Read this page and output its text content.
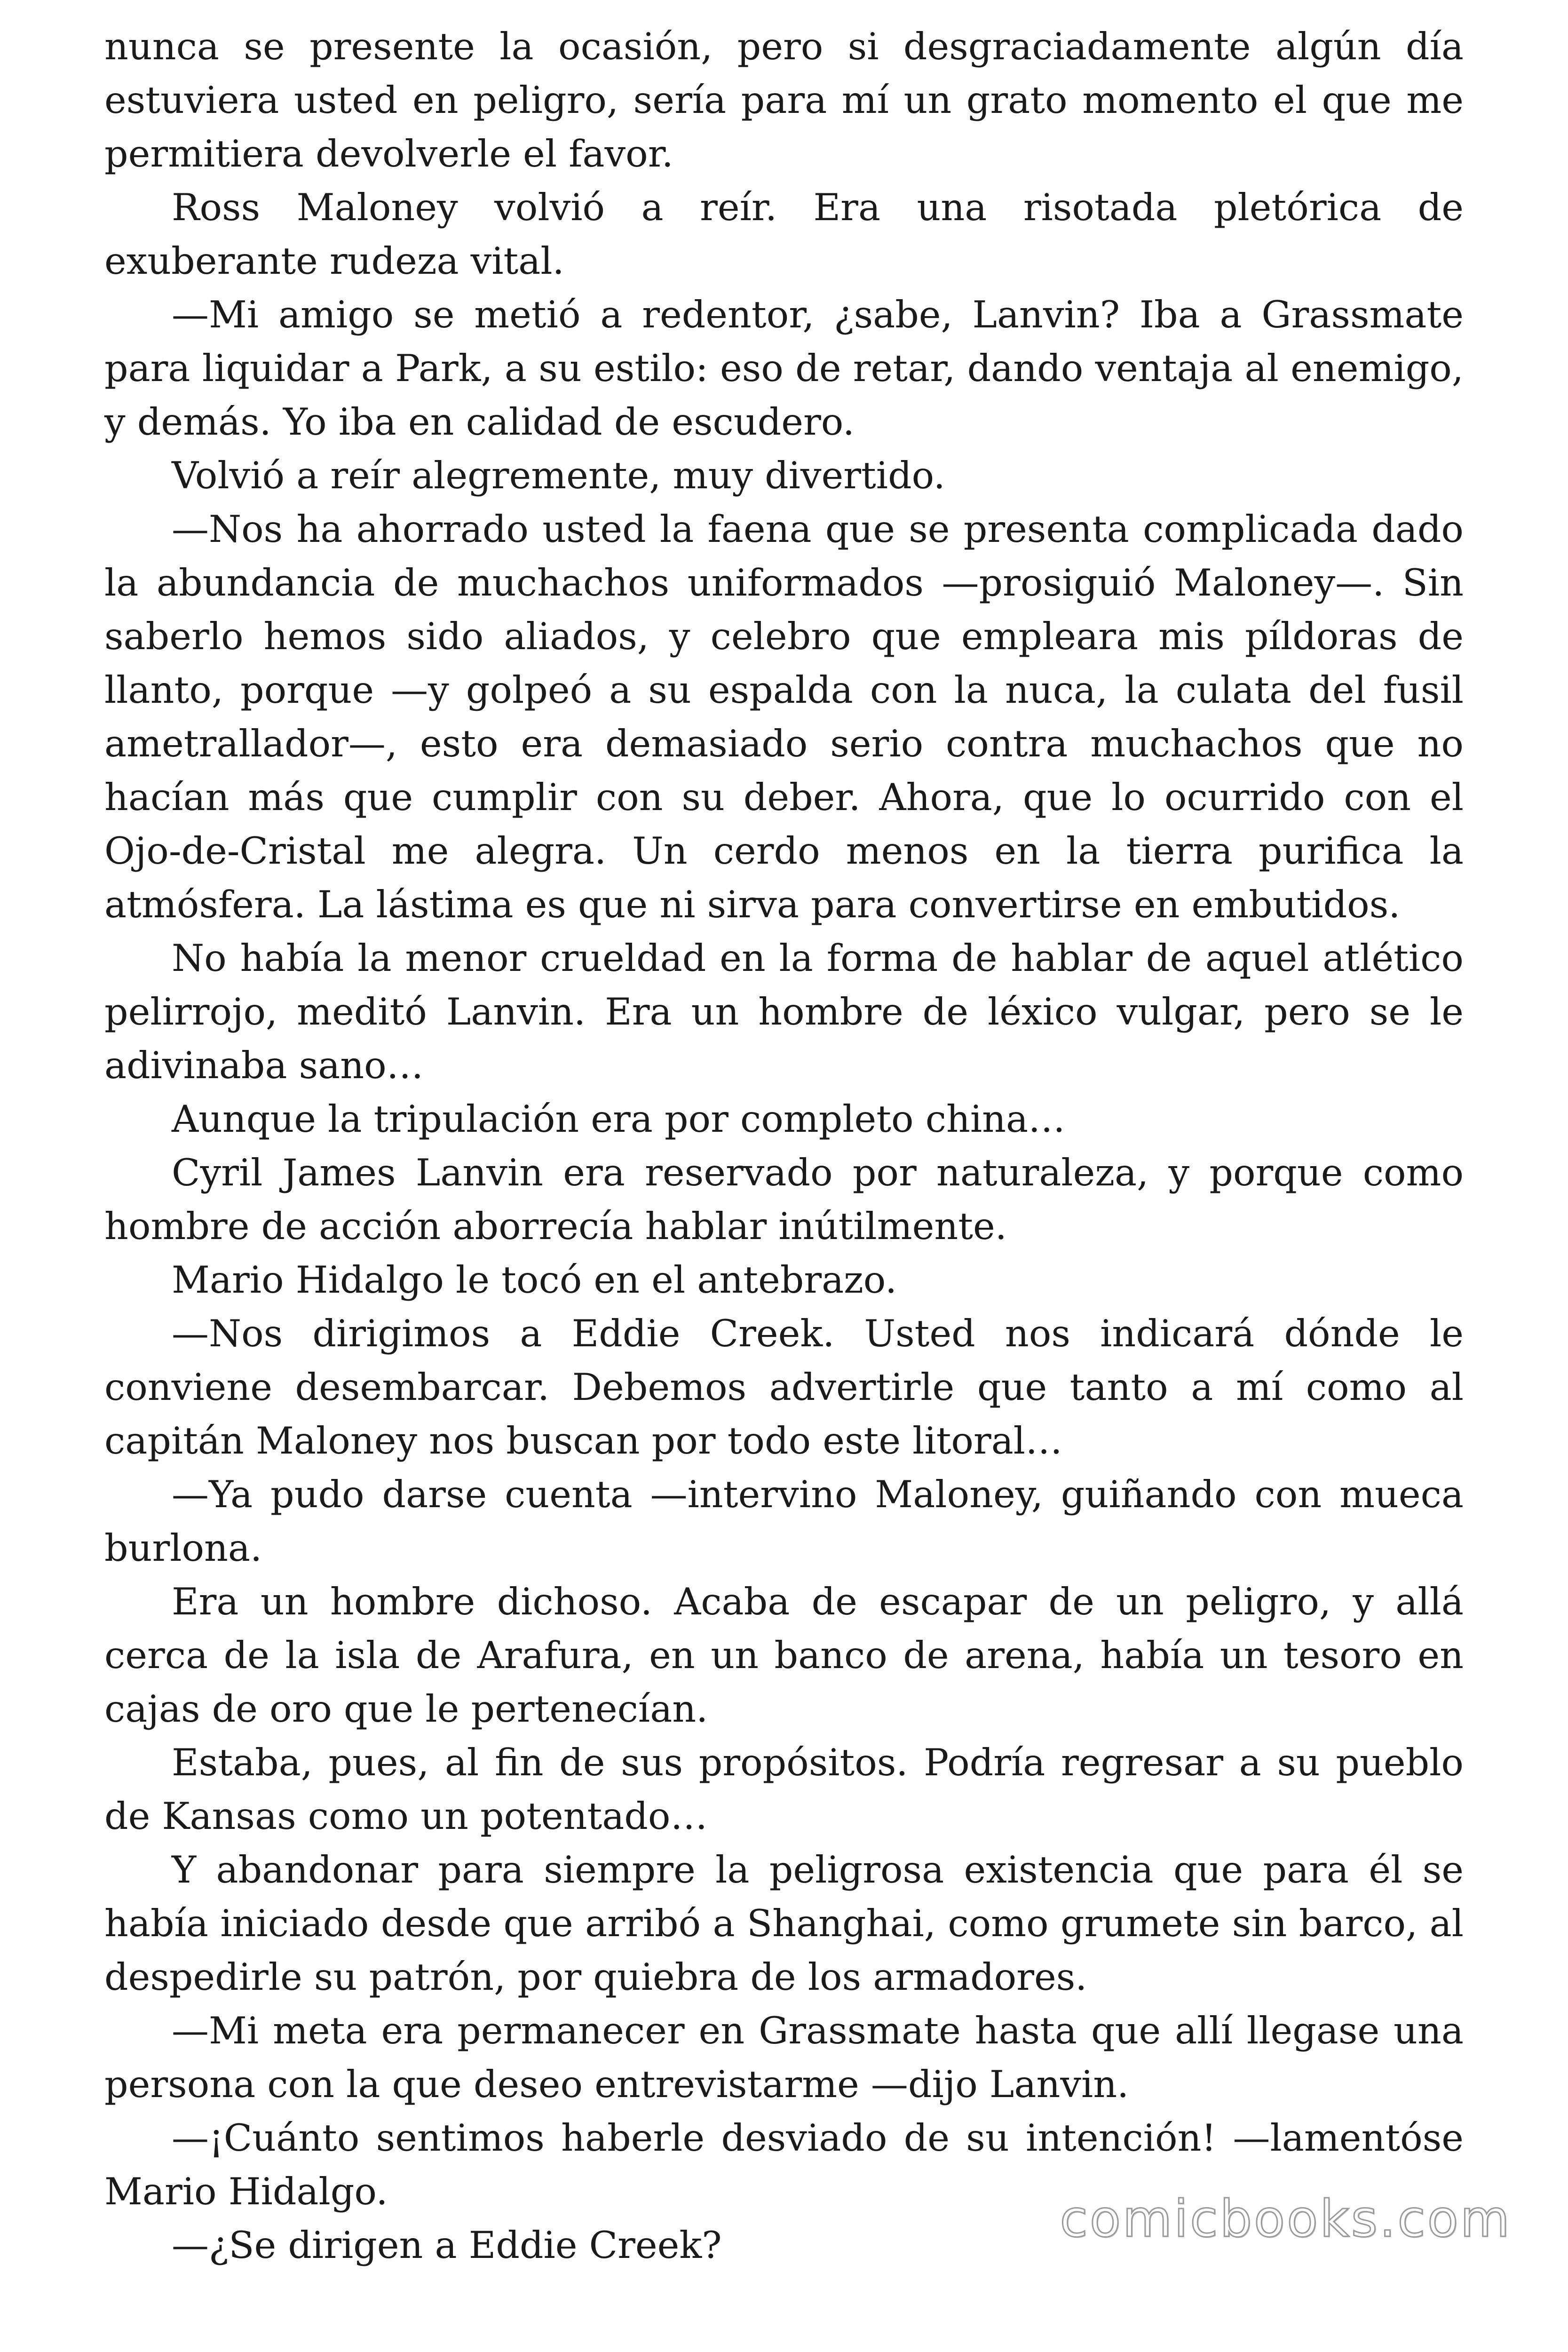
nunca se presente la ocasión, pero si desgraciadamente algún día estuviera usted en peligro, sería para mí un grato momento el que me permitiera devolverle el favor.

Ross Maloney volvió a reír. Era una risotada pletórica de exuberante rudeza vital.

—Mi amigo se metió a redentor, ¿sabe, Lanvin? Iba a Grassmate para liquidar a Park, a su estilo: eso de retar, dando ventaja al enemigo, y demás. Yo iba en calidad de escudero.

Volvió a reír alegremente, muy divertido.

—Nos ha ahorrado usted la faena que se presenta complicada dado la abundancia de muchachos uniformados —prosiguió Maloney—. Sin saberlo hemos sido aliados, y celebro que empleara mis píldoras de llanto, porque —y golpeó a su espalda con la nuca, la culata del fusil ametrallador—, esto era demasiado serio contra muchachos que no hacían más que cumplir con su deber. Ahora, que lo ocurrido con el Ojo-de-Cristal me alegra. Un cerdo menos en la tierra purifica la atmósfera. La lástima es que ni sirva para convertirse en embutidos.

No había la menor crueldad en la forma de hablar de aquel atlético pelirrojo, meditó Lanvin. Era un hombre de léxico vulgar, pero se le adivinaba sano…

Aunque la tripulación era por completo china…

Cyril James Lanvin era reservado por naturaleza, y porque como hombre de acción aborrecía hablar inútilmente.

Mario Hidalgo le tocó en el antebrazo.

—Nos dirigimos a Eddie Creek. Usted nos indicará dónde le conviene desembarcar. Debemos advertirle que tanto a mí como al capitán Maloney nos buscan por todo este litoral…

—Ya pudo darse cuenta —intervino Maloney, guiñando con mueca burlona.

Era un hombre dichoso. Acaba de escapar de un peligro, y allá cerca de la isla de Arafura, en un banco de arena, había un tesoro en cajas de oro que le pertenecían.

Estaba, pues, al fin de sus propósitos. Podría regresar a su pueblo de Kansas como un potentado…

Y abandonar para siempre la peligrosa existencia que para él se había iniciado desde que arribó a Shanghai, como grumete sin barco, al despedirle su patrón, por quiebra de los armadores.

—Mi meta era permanecer en Grassmate hasta que allí llegase una persona con la que deseo entrevistarme —dijo Lanvin.

—¡Cuánto sentimos haberle desviado de su intención! —lamentóse Mario Hidalgo.

—¿Se dirigen a Eddie Creek?	comicbooks.com
